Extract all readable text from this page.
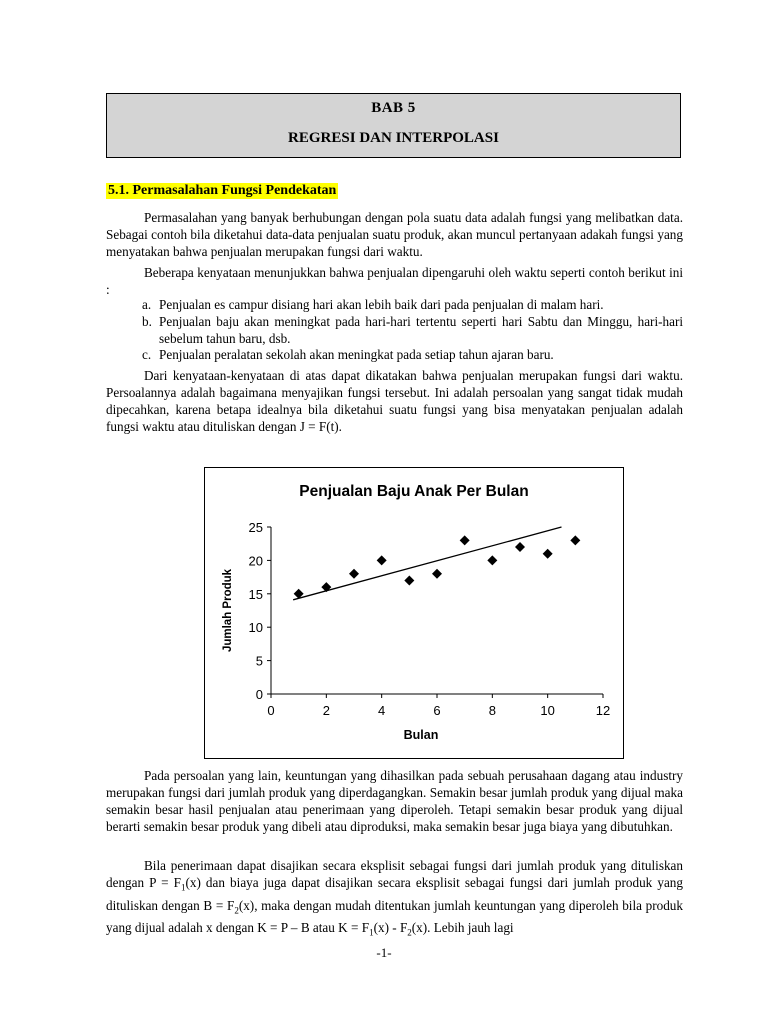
BAB 5
REGRESI DAN INTERPOLASI
5.1. Permasalahan Fungsi Pendekatan

Permasalahan yang banyak berhubungan dengan pola suatu data adalah fungsi yang melibatkan data. Sebagai contoh bila diketahui data-data penjualan suatu produk, akan muncul pertanyaan adakah fungsi yang menyatakan bahwa penjualan merupakan fungsi dari waktu.

Beberapa kenyataan menunjukkan bahwa penjualan dipengaruhi oleh waktu seperti contoh berikut ini :

a. Penjualan es campur disiang hari akan lebih baik dari pada penjualan di malam hari.
b. Penjualan baju akan meningkat pada hari-hari tertentu seperti hari Sabtu dan Minggu, hari-hari sebelum tahun baru, dsb.
c. Penjualan peralatan sekolah akan meningkat pada setiap tahun ajaran baru.

Dari kenyataan-kenyataan di atas dapat dikatakan bahwa penjualan merupakan fungsi dari waktu. Persoalannya adalah bagaimana menyajikan fungsi tersebut. Ini adalah persoalan yang sangat tidak mudah dipecahkan, karena betapa idealnya bila diketahui suatu fungsi yang bisa menyatakan penjualan adalah fungsi waktu atau dituliskan dengan J = F(t).

Penjualan Baju Anak Per Bulan
0
5
10
15
20
25
0	2	4	6	8	10	12
Bulan
Jumlah Produk

Pada persoalan yang lain, keuntungan yang dihasilkan pada sebuah perusahaan dagang atau industry merupakan fungsi dari jumlah produk yang diperdagangkan. Semakin besar jumlah produk yang dijual maka semakin besar hasil penjualan atau penerimaan yang diperoleh. Tetapi semakin besar produk yang dijual berarti semakin besar produk yang dibeli atau diproduksi, maka semakin besar juga biaya yang dibutuhkan.

Bila penerimaan dapat disajikan secara eksplisit sebagai fungsi dari jumlah produk yang dituliskan dengan $P = F_1(x)$ dan biaya juga dapat disajikan secara eksplisit sebagai fungsi dari jumlah produk yang dituliskan dengan $B = F_2(x)$, maka dengan mudah ditentukan jumlah keuntungan yang diperoleh bila produk yang dijual adalah x dengan K = P – B atau $K = F_1(x) - F_2(x)$. Lebih jauh lagi

-1-
